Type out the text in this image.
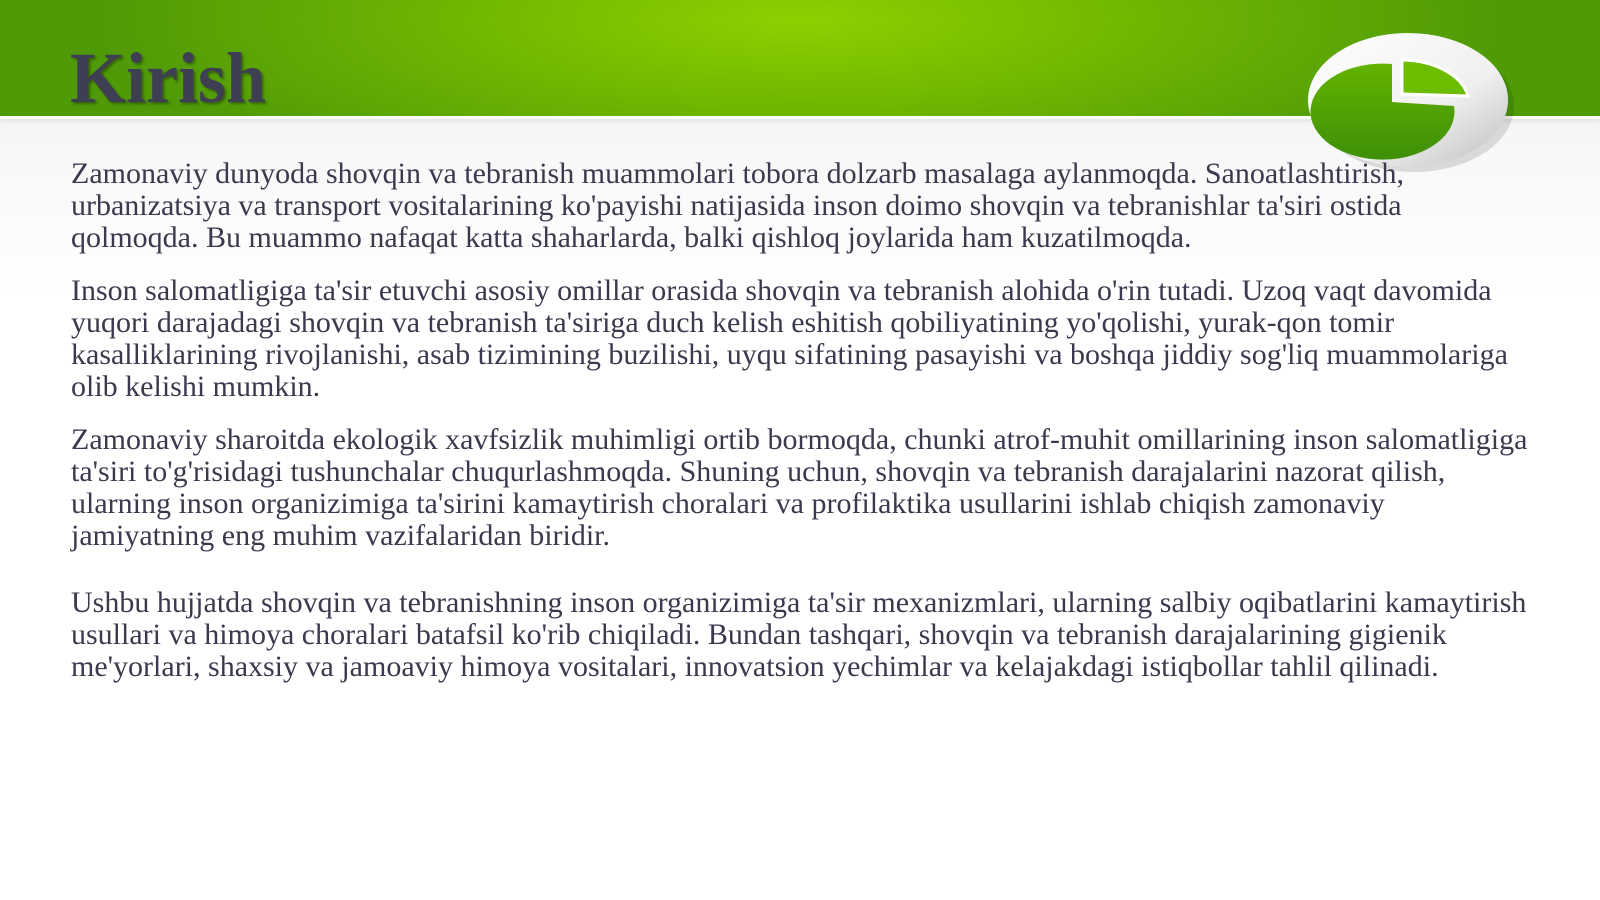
Kirish

Zamonaviy dunyoda shovqin va tebranish muammolari tobora dolzarb masalaga aylanmoqda. Sanoatlashtirish, urbanizatsiya va transport vositalarining ko'payishi natijasida inson doimo shovqin va tebranishlar ta'siri ostida qolmoqda. Bu muammo nafaqat katta shaharlarda, balki qishloq joylarida ham kuzatilmoqda.

Inson salomatligiga ta'sir etuvchi asosiy omillar orasida shovqin va tebranish alohida o'rin tutadi. Uzoq vaqt davomida yuqori darajadagi shovqin va tebranish ta'siriga duch kelish eshitish qobiliyatining yo'qolishi, yurak-qon tomir kasalliklarining rivojlanishi, asab tizimining buzilishi, uyqu sifatining pasayishi va boshqa jiddiy sog'liq muammolariga olib kelishi mumkin.

Zamonaviy sharoitda ekologik xavfsizlik muhimligi ortib bormoqda, chunki atrof-muhit omillarining inson salomatligiga ta'siri to'g'risidagi tushunchalar chuqurlashmoqda. Shuning uchun, shovqin va tebranish darajalarini nazorat qilish, ularning inson organizimiga ta'sirini kamaytirish choralari va profilaktika usullarini ishlab chiqish zamonaviy jamiyatning eng muhim vazifalaridan biridir.

Ushbu hujjatda shovqin va tebranishning inson organizimiga ta'sir mexanizmlari, ularning salbiy oqibatlarini kamaytirish usullari va himoya choralari batafsil ko'rib chiqiladi. Bundan tashqari, shovqin va tebranish darajalarining gigienik me'yorlari, shaxsiy va jamoaviy himoya vositalari, innovatsion yechimlar va kelajakdagi istiqbollar tahlil qilinadi.
